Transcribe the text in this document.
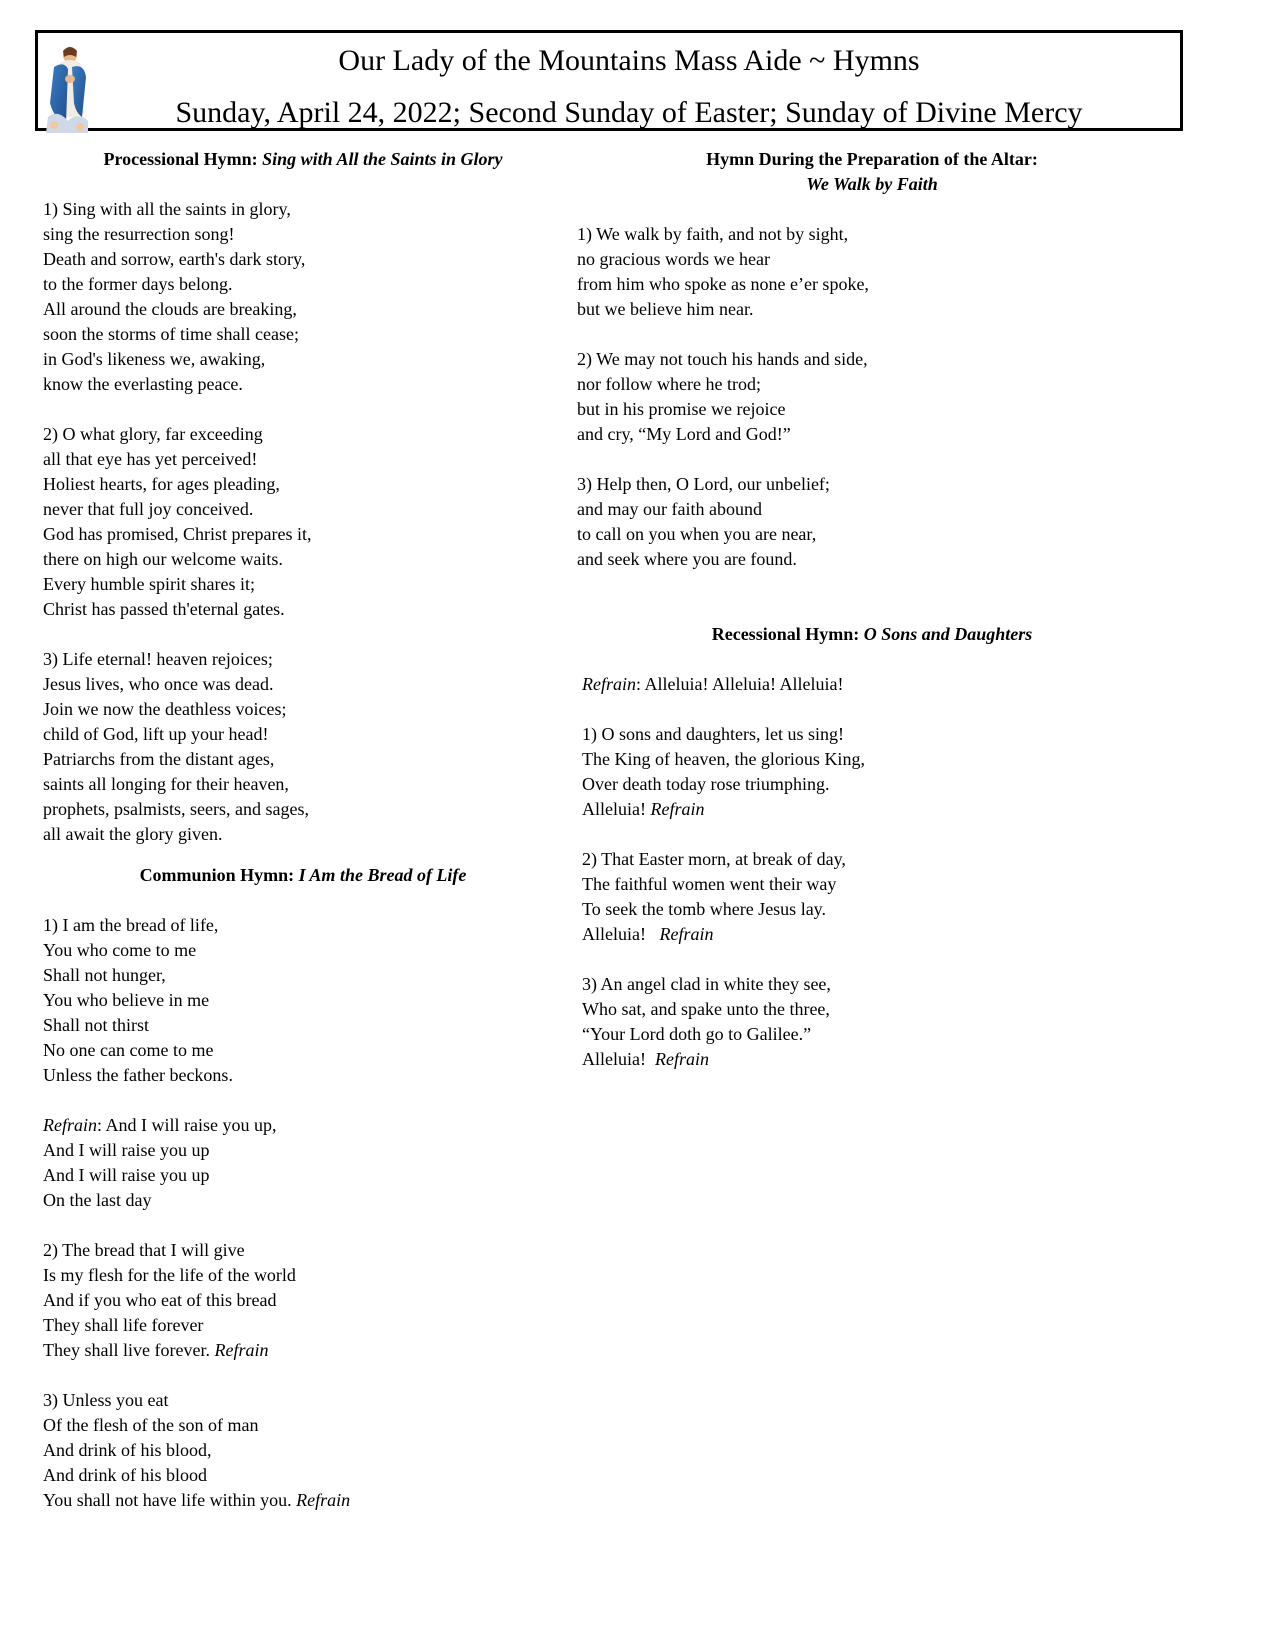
Our Lady of the Mountains Mass Aide ~ Hymns
Sunday, April 24, 2022; Second Sunday of Easter; Sunday of Divine Mercy
Processional Hymn: Sing with All the Saints in Glory
1) Sing with all the saints in glory,
sing the resurrection song!
Death and sorrow, earth's dark story,
to the former days belong.
All around the clouds are breaking,
soon the storms of time shall cease;
in God's likeness we, awaking,
know the everlasting peace.
2) O what glory, far exceeding
all that eye has yet perceived!
Holiest hearts, for ages pleading,
never that full joy conceived.
God has promised, Christ prepares it,
there on high our welcome waits.
Every humble spirit shares it;
Christ has passed th'eternal gates.
3) Life eternal! heaven rejoices;
Jesus lives, who once was dead.
Join we now the deathless voices;
child of God, lift up your head!
Patriarchs from the distant ages,
saints all longing for their heaven,
prophets, psalmists, seers, and sages,
all await the glory given.
Communion Hymn: I Am the Bread of Life
1) I am the bread of life,
You who come to me
Shall not hunger,
You who believe in me
Shall not thirst
No one can come to me
Unless the father beckons.
Refrain: And I will raise you up,
And I will raise you up
And I will raise you up
On the last day
2) The bread that I will give
Is my flesh for the life of the world
And if you who eat of this bread
They shall life forever
They shall live forever. Refrain
3) Unless you eat
Of the flesh of the son of man
And drink of his blood,
And drink of his blood
You shall not have life within you. Refrain
Hymn During the Preparation of the Altar:
We Walk by Faith
1) We walk by faith, and not by sight,
no gracious words we hear
from him who spoke as none e’er spoke,
but we believe him near.
2) We may not touch his hands and side,
nor follow where he trod;
but in his promise we rejoice
and cry, “My Lord and God!”
3) Help then, O Lord, our unbelief;
and may our faith abound
to call on you when you are near,
and seek where you are found.
Recessional Hymn: O Sons and Daughters
Refrain: Alleluia! Alleluia! Alleluia!
1) O sons and daughters, let us sing!
The King of heaven, the glorious King,
Over death today rose triumphing.
Alleluia! Refrain
2) That Easter morn, at break of day,
The faithful women went their way
To seek the tomb where Jesus lay.
Alleluia!   Refrain
3) An angel clad in white they see,
Who sat, and spake unto the three,
“Your Lord doth go to Galilee.”
Alleluia!  Refrain
